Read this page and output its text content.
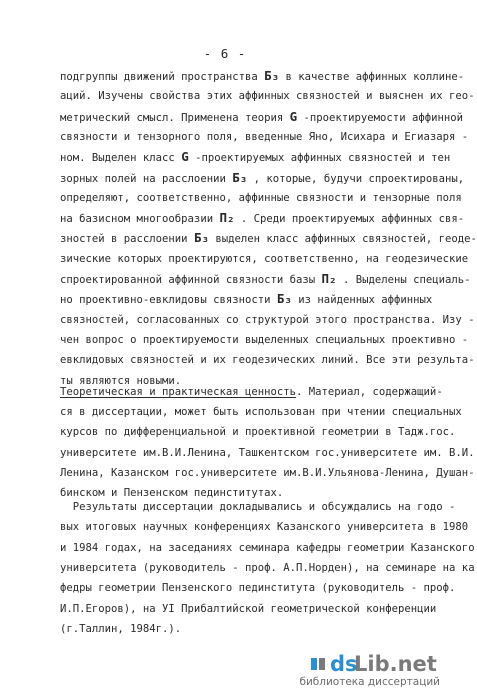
- 6 -
подгруппы движений пространства Б₃ в качестве аффинных коллине-
аций. Изучены свойства этих аффинных связностей и выяснен их гео-
метрический смысл. Применена теория G -проектируемости аффинной
связности и тензорного поля, введенные Яно, Исихара и Егиазаря -
ном. Выделен класс G -проектируемых аффинных связностей и тен
зорных полей на расслоении Б₃ , которые, будучи спроектированы,
определяют, соответственно, аффинные связности и тензорные поля
на базисном многообразии П₂ . Среди проектируемых аффинных свя-
зностей в расслоении Б₃ выделен класс аффинных связностей, геоде-
зические которых проектируются, соответственно, на геодезические
спроектированной аффинной связности базы П₂ . Выделены специаль-
но проективно-евклидовы связности Б₃ из найденных аффинных
связностей, согласованных со структурой этого пространства. Изу -
чен вопрос о проектируемости выделенных специальных проективно -
евклидовых связностей и их геодезических линий. Все эти результа-
ты являются новыми.
Теоретическая и практическая ценность. Материал, содержащий-
ся в диссертации, может быть использован при чтении специальных
курсов по дифференциальной и проективной геометрии в Тадж.гос.
университете им.В.И.Ленина, Ташкентском гос.университете им. В.И.
Ленина, Казанском гос.университете им.В.И.Ульянова-Ленина, Душан-
бинском и Пензенском пединститутах.
Результаты диссертации докладывались и обсуждались на годо -
вых итоговых научных конференциях Казанского университета в 1980
и 1984 годах, на заседаниях семинара кафедры геометрии Казанского
университета (руководитель - проф. А.П.Норден), на семинаре на ка
федры геометрии Пензенского пединститута (руководитель - проф.
И.П.Егоров), на УI Прибалтийской геометрической конференции
(г.Таллин, 1984г.).
ds
Lib.net
библиотека диссертаций
